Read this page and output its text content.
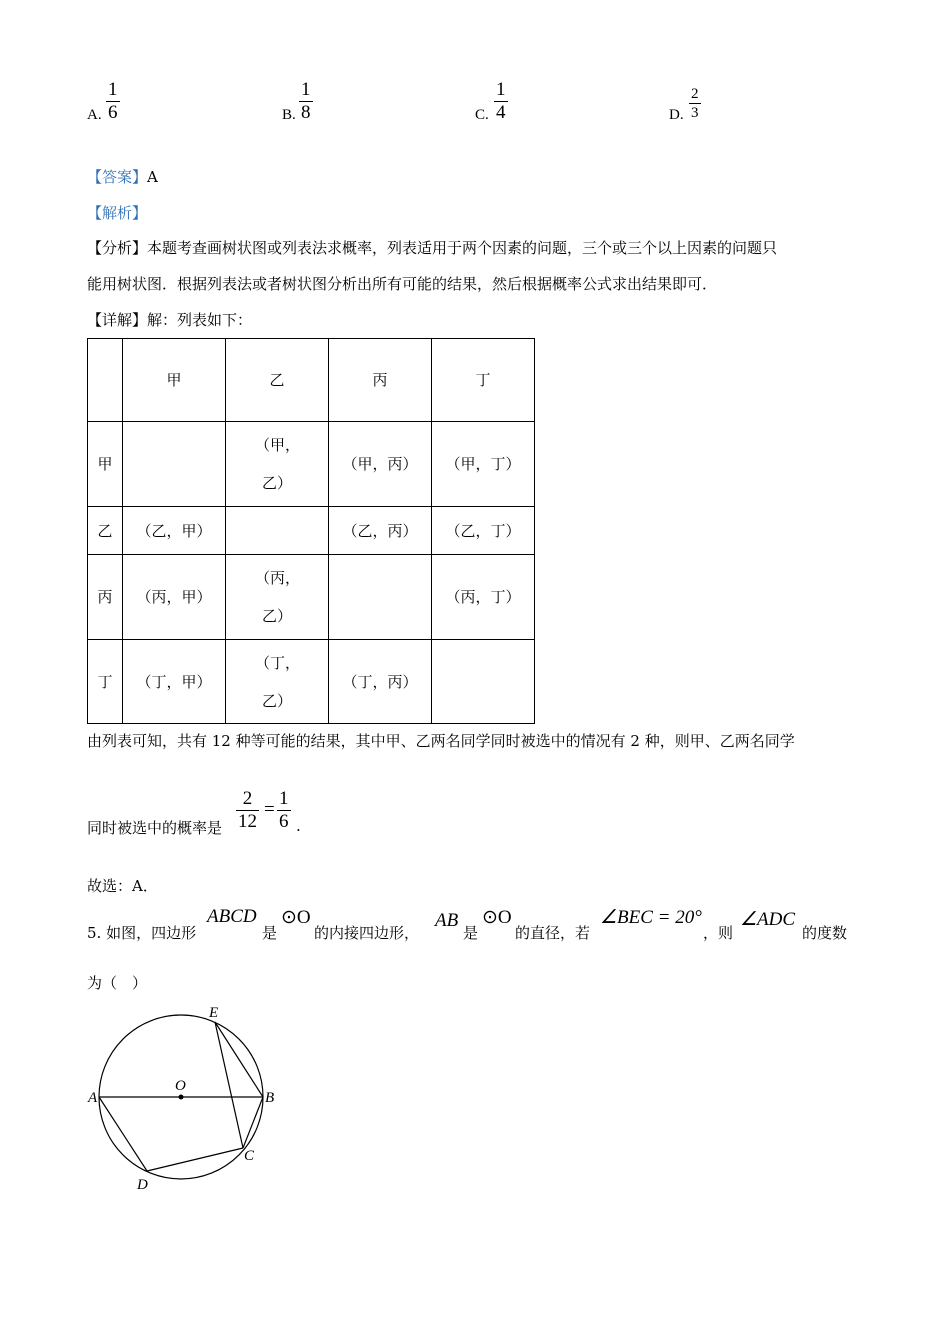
A.
1
6	B.
1
8	C.
1
4	D.
2
3
【答案】A
【解析】
【分析】本题考查画树状图或列表法求概率，列表适用于两个因素的问题，三个或三个以上因素的问题只
能用树状图．根据列表法或者树状图分析出所有可能的结果，然后根据概率公式求出结果即可．
【详解】解：列表如下：
	甲	乙	丙	丁
甲		（甲，乙）	（甲，丙）	（甲，丁）
乙	（乙，甲）		（乙，丙）	（乙，丁）
丙	（丙，甲）	（丙，乙）		（丙，丁）
丁	（丁，甲）	（丁，乙）	（丁，丙）	
由列表可知，共有 12 种等可能的结果，其中甲、乙两名同学同时被选中的情况有 2 种，则甲、乙两名同学
同时被选中的概率是
2
12
=
1
6 .
故选：A．
5. 如图，四边形
ABCD
是
⊙O
的内接四边形，
AB
是
⊙O
的直径，若
∠BEC = 20°
，则
∠ADC
的度数
为（　）
A	B
C
D
E
O
